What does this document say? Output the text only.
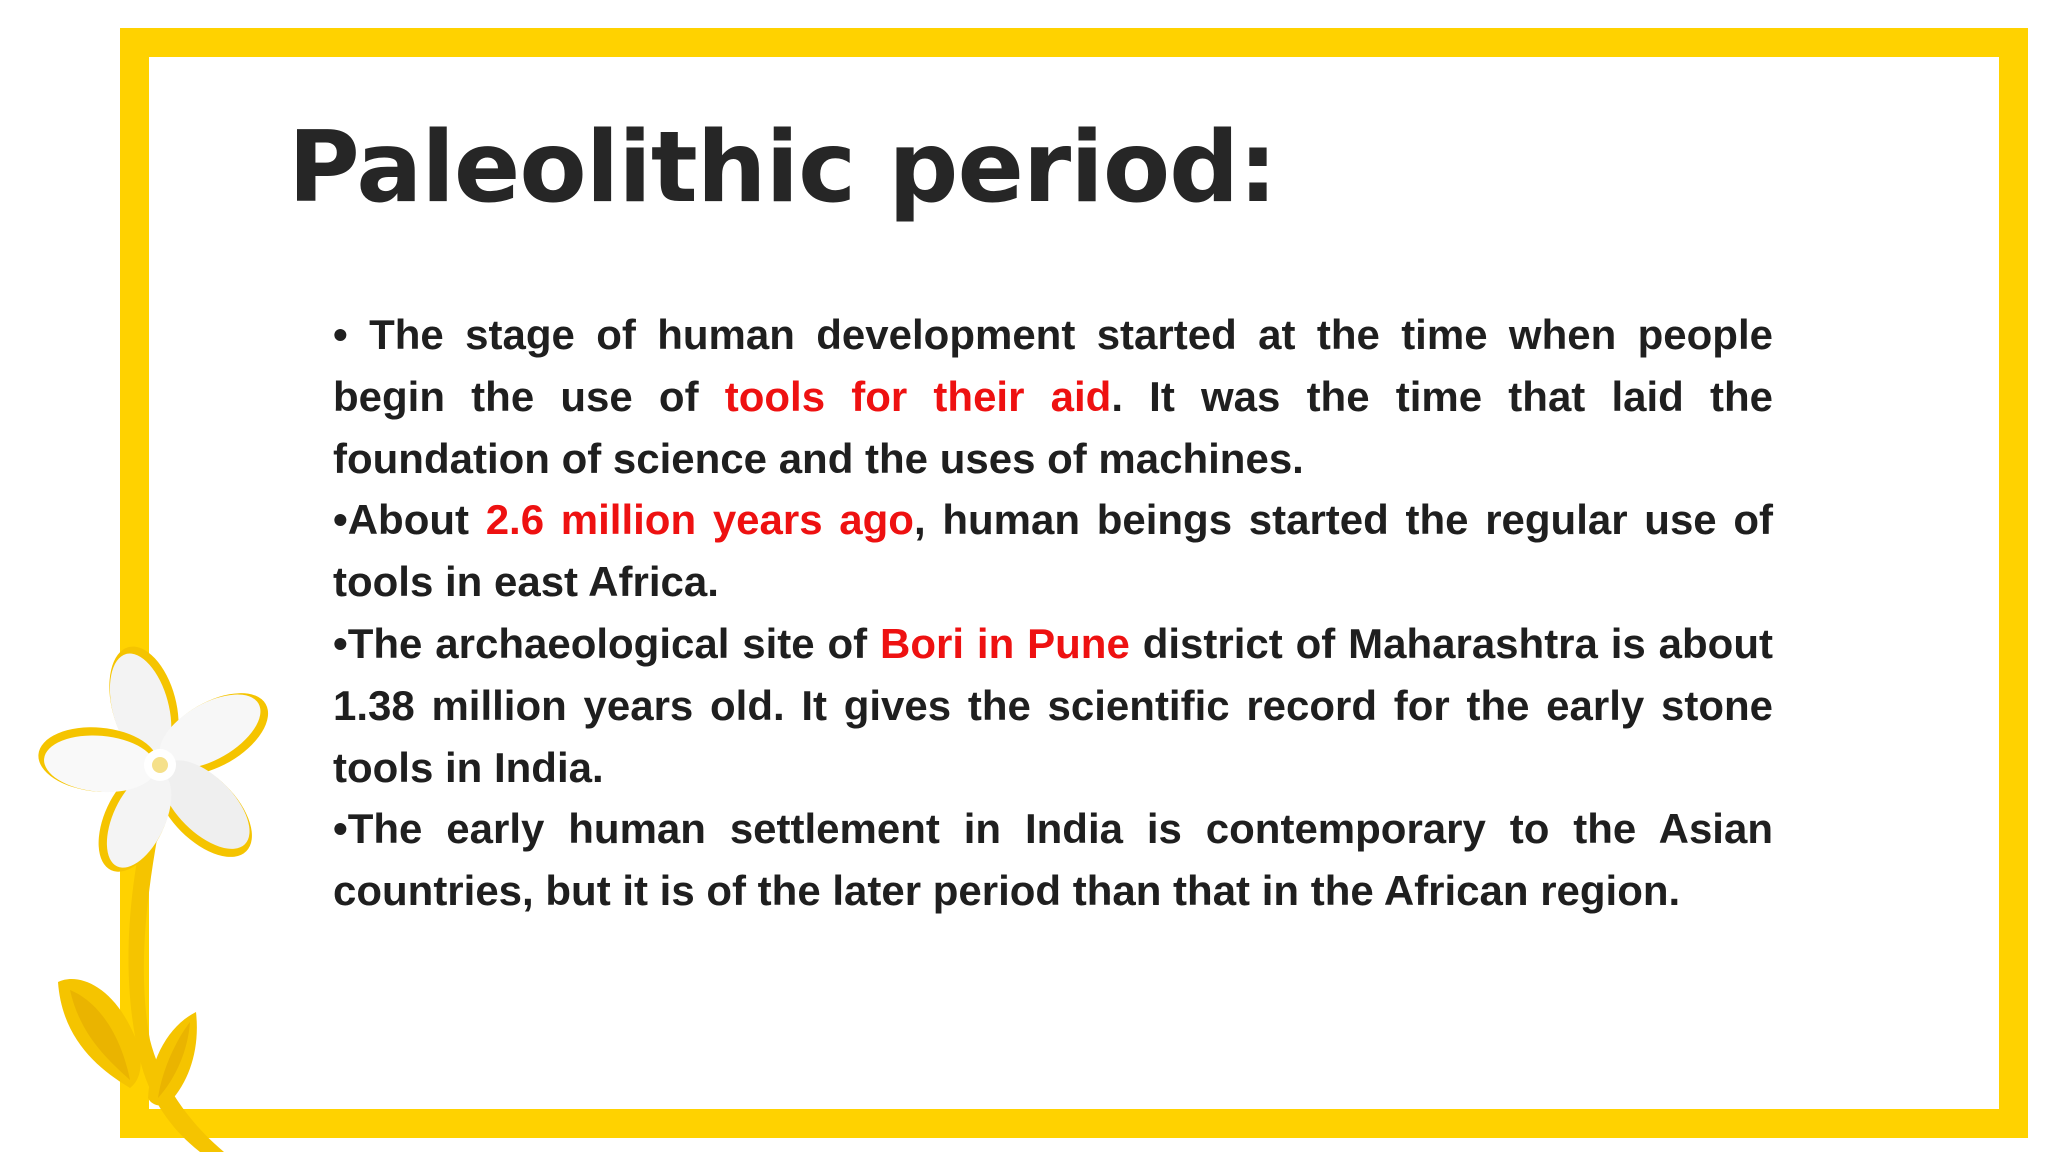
Paleolithic period:

• The stage of human development started at the time when people begin the use of tools for their aid. It was the time that laid the foundation of science and the uses of machines.

•About 2.6 million years ago, human beings started the regular use of tools in east Africa.

•The archaeological site of Bori in Pune district of Maharashtra is about 1.38 million years old. It gives the scientific record for the early stone tools in India.

•The early human settlement in India is contemporary to the Asian countries, but it is of the later period than that in the African region.
